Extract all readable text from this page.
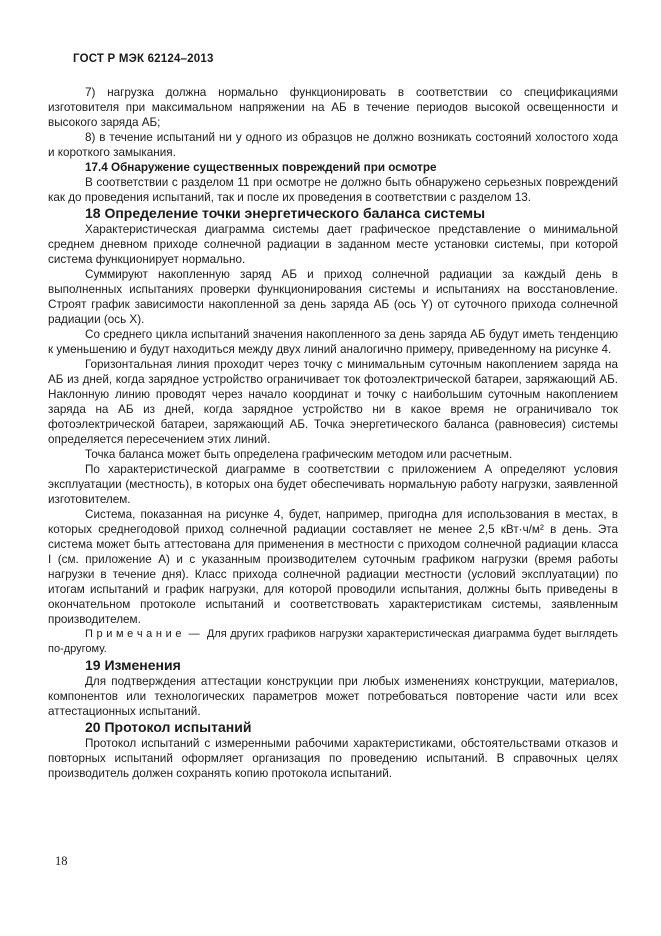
ГОСТ Р МЭК 62124–2013

7) нагрузка должна нормально функционировать в соответствии со спецификациями изготовителя при максимальном напряжении на АБ в течение периодов высокой освещенности и высокого заряда АБ;

8) в течение испытаний ни у одного из образцов не должно возникать состояний холостого хода и короткого замыкания.

17.4 Обнаружение существенных повреждений при осмотре

В соответствии с разделом 11 при осмотре не должно быть обнаружено серьезных повреждений как до проведения испытаний, так и после их проведения в соответствии с разделом 13.

18 Определение точки энергетического баланса системы

Характеристическая диаграмма системы дает графическое представление о минимальной среднем дневном приходе солнечной радиации в заданном месте установки системы, при которой система функционирует нормально.

Суммируют накопленную заряд АБ и приход солнечной радиации за каждый день в выполненных испытаниях проверки функционирования системы и испытаниях на восстановление. Строят график зависимости накопленной за день заряда АБ (ось Y) от суточного прихода солнечной радиации (ось X).

Со среднего цикла испытаний значения накопленного за день заряда АБ будут иметь тенденцию к уменьшению и будут находиться между двух линий аналогично примеру, приведенному на рисунке 4.

Горизонтальная линия проходит через точку с минимальным суточным накоплением заряда на АБ из дней, когда зарядное устройство ограничивает ток фотоэлектрической батареи, заряжающий АБ. Наклонную линию проводят через начало координат и точку с наибольшим суточным накоплением заряда на АБ из дней, когда зарядное устройство ни в какое время не ограничивало ток фотоэлектрической батареи, заряжающий АБ. Точка энергетического баланса (равновесия) системы определяется пересечением этих линий.

Точка баланса может быть определена графическим методом или расчетным.

По характеристической диаграмме в соответствии с приложением А определяют условия эксплуатации (местность), в которых она будет обеспечивать нормальную работу нагрузки, заявленной изготовителем.

Система, показанная на рисунке 4, будет, например, пригодна для использования в местах, в которых среднегодовой приход солнечной радиации составляет не менее 2,5 кВт·ч/м² в день. Эта система может быть аттестована для применения в местности с приходом солнечной радиации класса I (см. приложение А) и с указанным производителем суточным графиком нагрузки (время работы нагрузки в течение дня). Класс прихода солнечной радиации местности (условий эксплуатации) по итогам испытаний и график нагрузки, для которой проводили испытания, должны быть приведены в окончательном протоколе испытаний и соответствовать характеристикам системы, заявленным производителем.

П р и м е ч а н и е  —  Для других графиков нагрузки характеристическая диаграмма будет выглядеть по-другому.

19 Изменения

Для подтверждения аттестации конструкции при любых изменениях конструкции, материалов, компонентов или технологических параметров может потребоваться повторение части или всех аттестационных испытаний.

20 Протокол испытаний

Протокол испытаний с измеренными рабочими характеристиками, обстоятельствами отказов и повторных испытаний оформляет организация по проведению испытаний. В справочных целях производитель должен сохранять копию протокола испытаний.

18
